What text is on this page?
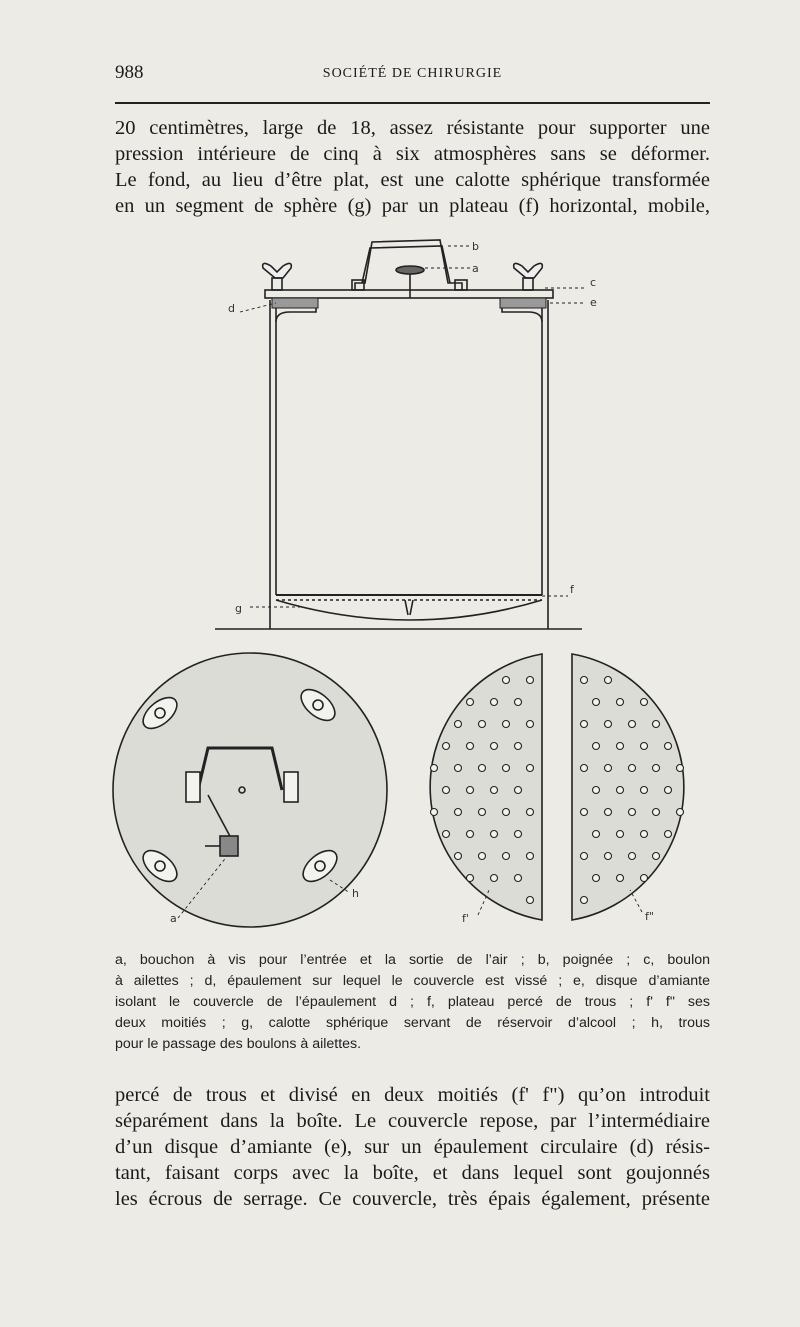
988	SOCIÉTÉ DE CHIRURGIE

20 centimètres, large de 18, assez résistante pour supporter une
pression intérieure de cinq à six atmosphères sans se déformer.
Le fond, au lieu d’être plat, est une calotte sphérique transformée
en un segment de sphère (g) par un plateau (f) horizontal, mobile,

b
a
c
e
d
f
g
a
h
f'	f"
a, bouchon à vis pour l’entrée et la sortie de l’air ; b, poignée ; c, boulon
à ailettes ; d, épaulement sur lequel le couvercle est vissé ; e, disque d’amiante
isolant le couvercle de l’épaulement d ; f, plateau percé de trous ; f' f" ses
deux moitiés ; g, calotte sphérique servant de réservoir d’alcool ; h, trous
pour le passage des boulons à ailettes.

percé de trous et divisé en deux moitiés (f' f") qu’on introduit
séparément dans la boîte. Le couvercle repose, par l’intermédiaire
d’un disque d’amiante (e), sur un épaulement circulaire (d) résis-
tant, faisant corps avec la boîte, et dans lequel sont goujonnés
les écrous de serrage. Ce couvercle, très épais également, présente
